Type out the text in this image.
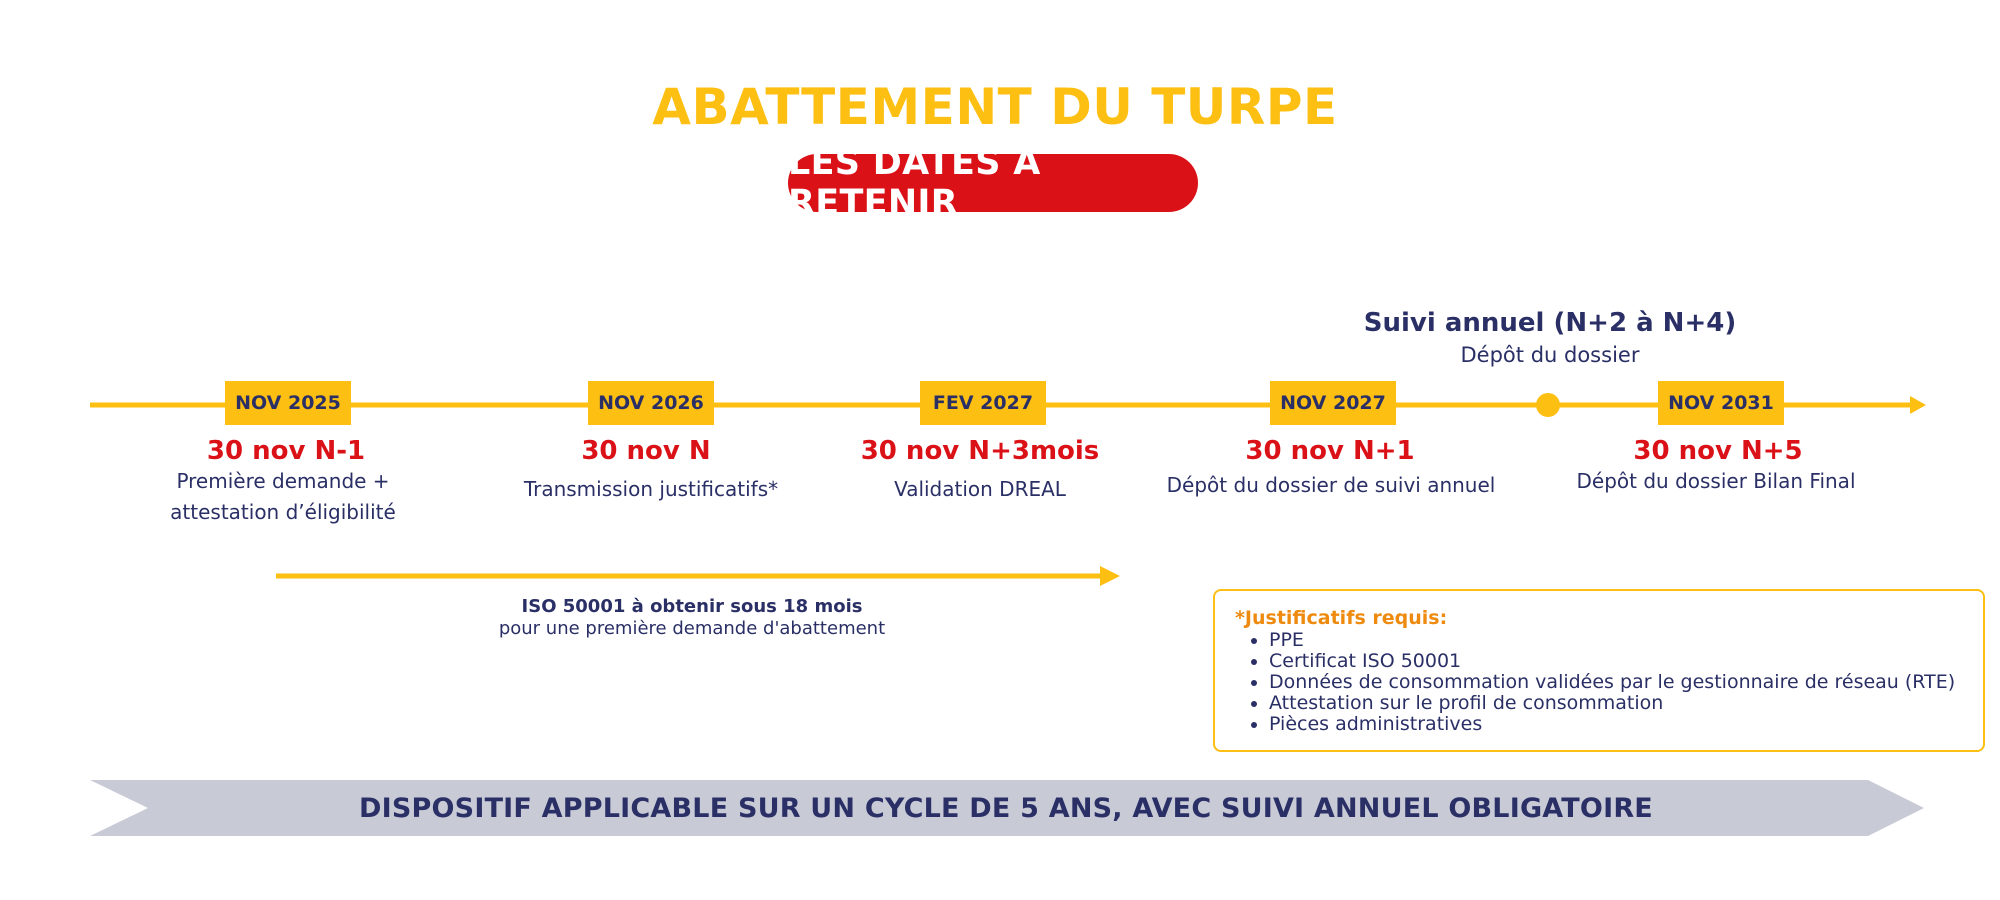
ABATTEMENT DU TURPE
LES DATES À RETENIR
Suivi annuel (N+2 à N+4)
Dépôt du dossier
NOV 2025
30 nov N-1
Première demande +
attestation d’éligibilité
NOV 2026
30 nov N
Transmission justificatifs*
FEV 2027
30 nov N+3mois
Validation DREAL
NOV 2027
30 nov N+1
Dépôt du dossier de suivi annuel
NOV 2031
30 nov N+5
Dépôt du dossier Bilan Final
ISO 50001 à obtenir sous 18 mois
pour une première demande d'abattement	*Justificatifs requis:
• PPE
• Certificat ISO 50001
• Données de consommation validées par le gestionnaire de réseau (RTE)
• Attestation sur le profil de consommation
• Pièces administratives
DISPOSITIF APPLICABLE SUR UN CYCLE DE 5 ANS, AVEC SUIVI ANNUEL OBLIGATOIRE
